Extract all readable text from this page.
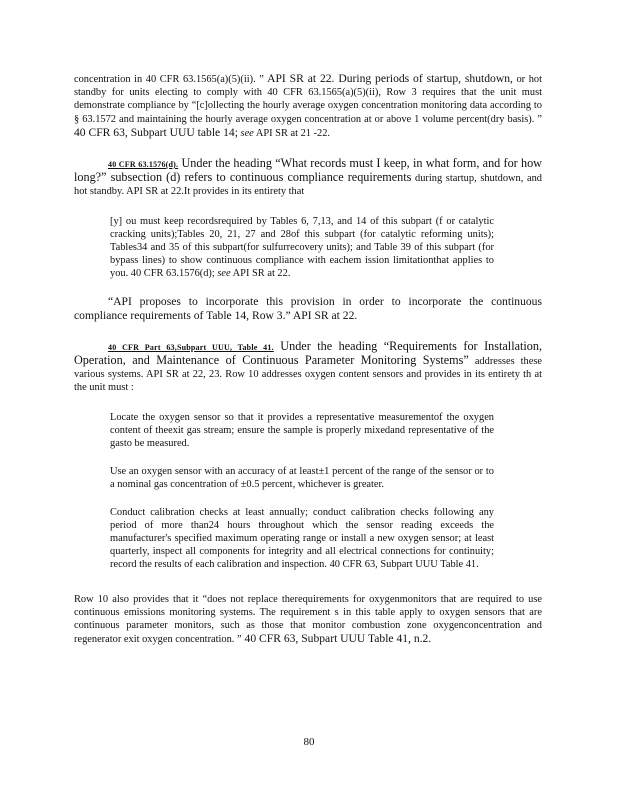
concentration in 40 CFR 63.1565(a)(5)(ii). ” API SR at 22. During periods of startup, shutdown, or hot standby for units electing to comply with 40 CFR 63.1565(a)(5)(ii), Row 3 requires that the unit must demonstrate compliance by “[c]ollecting the hourly average oxygen concentration monitoring data according to § 63.1572 and maintaining the hourly average oxygen concentration at or above 1 volume percent(dry basis). ” 40 CFR 63, Subpart UUU table 14; see API SR at 21 -22.

40 CFR 63.1576(d). Under the heading “What records must I keep, in what form, and for how long?” subsection (d) refers to continuous compliance requirements during startup, shutdown, and hot standby. API SR at 22.It provides in its entirety that

[y] ou must keep recordsrequired by Tables 6, 7,13, and 14 of this subpart (f or catalytic cracking units);Tables 20, 21, 27 and 28of this subpart (for catalytic reforming units); Tables34 and 35 of this subpart(for sulfurrecovery units); and Table 39 of this subpart (for bypass lines) to show continuous compliance with eachem ission limitationthat applies to you. 40 CFR 63.1576(d); see API SR at 22.

“API proposes to incorporate this provision in order to incorporate the continuous compliance requirements of Table 14, Row 3.” API SR at 22.

40 CFR Part 63,Subpart UUU, Table 41. Under the heading “Requirements for Installation, Operation, and Maintenance of Continuous Parameter Monitoring Systems” addresses these various systems. API SR at 22, 23. Row 10 addresses oxygen content sensors and provides in its entirety th at the unit must :

Locate the oxygen sensor so that it provides a representative measurementof the oxygen content of theexit gas stream; ensure the sample is properly mixedand representative of the gasto be measured.

Use an oxygen sensor with an accuracy of at least±1 percent of the range of the sensor or to a nominal gas concentration of ±0.5 percent, whichever is greater.

Conduct calibration checks at least annually; conduct calibration checks following any period of more than24 hours throughout which the sensor reading exceeds the manufacturer's specified maximum operating range or install a new oxygen sensor; at least quarterly, inspect all components for integrity and all electrical connections for continuity; record the results of each calibration and inspection. 40 CFR 63, Subpart UUU Table 41.

Row 10 also provides that it “does not replace therequirements for oxygenmonitors that are required to use continuous emissions monitoring systems. The requirement s in this table apply to oxygen sensors that are continuous parameter monitors, such as those that monitor combustion zone oxygenconcentration and regenerator exit oxygen concentration. ” 40 CFR 63, Subpart UUU Table 41, n.2.

80
